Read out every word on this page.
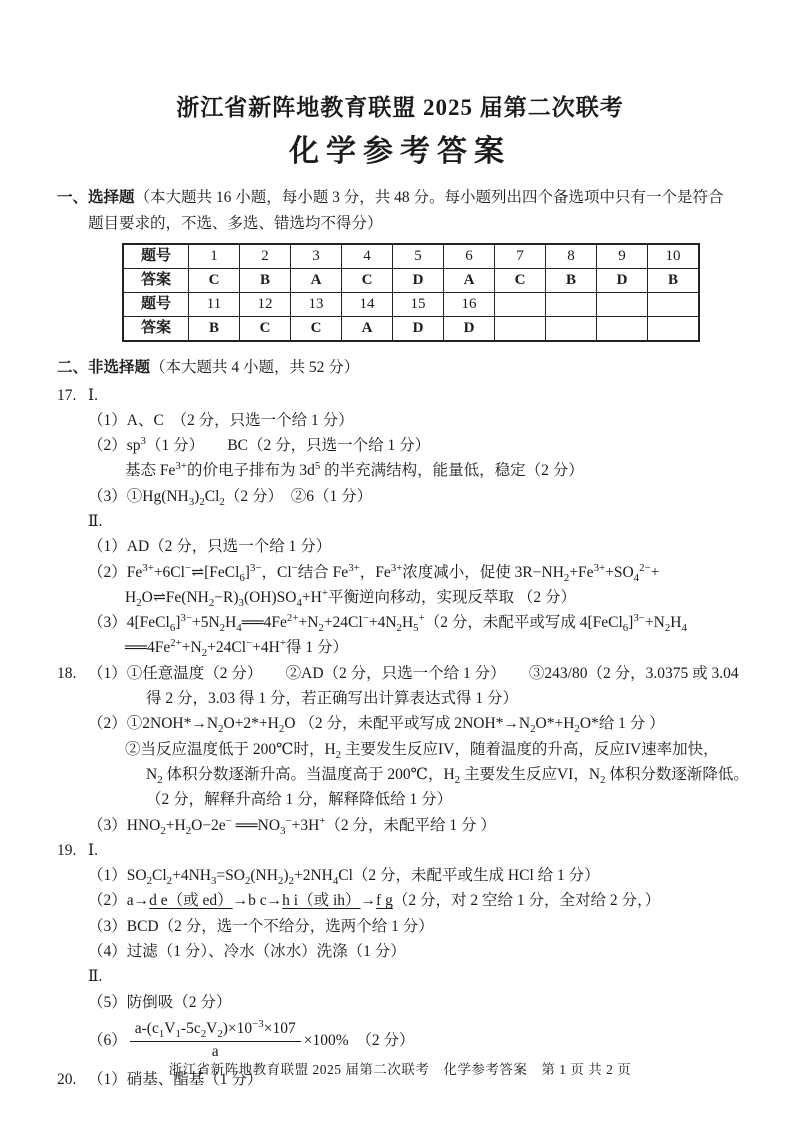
浙江省新阵地教育联盟 2025 届第二次联考
化学参考答案
一、选择题（本大题共 16 小题，每小题 3 分，共 48 分。每小题列出四个备选项中只有一个是符合
题目要求的，不选、多选、错选均不得分）
题号	1	2	3	4	5	6	7	8	9	10
答案	C	B	A	C	D	A	C	B	D	B
题号	11	12	13	14	15	16				
答案	B	C	C	A	D	D				
二、非选择题（本大题共 4 小题，共 52 分）
17. Ⅰ.
（1）A、C　（2 分，只选一个给 1 分）
$(2)sp^3(1$ 分）　　BC（2 分，只选一个给 1 分）
基态 $Fe^{3+}$的价电子排布为 $3d^5$ 的半充满结构，能量低，稳定（2 分）
$(3)①Hg(NH_3)_2Cl_2(2$ 分）　②6（1 分）
Ⅱ.
（1）AD（2 分，只选一个给 1 分）
$(2)Fe^{3+}+6Cl^-\rightleftharpoons[FeCl_6]^{3-}$，Cl−结合 $Fe^{3+}$，$Fe^{3+}$浓度减小，促使 $3R-NH_2+Fe^{3+}+SO_4^{2-}+$
$H_2O\rightleftharpoons Fe(NH_2-R)_3(OH)SO_4+H^+$平衡逆向移动，实现反萃取 （2 分）
$(3)4[FeCl_6]^{3-}+5N_2H_4══4Fe^{2+}+N_2+24Cl^-+4N_2H_5^+(2$ 分，未配平或写成 $4[FeCl_6]^{3-}+N_2H_4$
$══4Fe^{2+}+N_2+24Cl^-+4H^+$得 1 分）
18. （1）①任意温度（2 分）　　②AD（2 分，只选一个给 1 分）　　③243/80（2 分，3.0375 或 3.04
得 2 分，3.03 得 1 分，若正确写出计算表达式得 1 分）
$(2)①2NOH*\to N_2O+2*+H_2O$ （2 分，未配平或写成 $2NOH*\to N_2O*+H_2O*$给 1 分 ）
②当反应温度低于 200℃时，$H_2$ 主要发生反应IV，随着温度的升高，反应IV速率加快，
$N_2$ 体积分数逐渐升高。当温度高于 200℃，$H_2$ 主要发生反应VI，$N_2$ 体积分数逐渐降低。
（2 分，解释升高给 1 分，解释降低给 1 分）
$(3)HNO_2+H_2O-2e^-$ $══NO_3^-+3H^+(2$ 分，未配平给 1 分 ）
19. Ⅰ.
$(1)SO_2Cl_2+4NH_3=SO_2(NH_2)_2+2NH_4Cl(2$ 分，未配平或生成 HCl 给 1 分）
（2）a→d e（或 ed）→b c→h i（或 ih）→f g（2 分，对 2 空给 1 分，全对给 2 分，）
（3）BCD（2 分，选一个不给分，选两个给 1 分）
（4）过滤（1 分）、冷水（冰水）洗涤（1 分）
Ⅱ.
（5）防倒吸（2 分）
$(6) \frac{a-(c_1V_1-5c_2V_2)\times 10^{-3}\times 107}{a} \times 100\%$　（2 分）
20. （1）硝基、酯基（1 分）
浙江省新阵地教育联盟 2025 届第二次联考　化学参考答案　第 1 页 共 2 页
